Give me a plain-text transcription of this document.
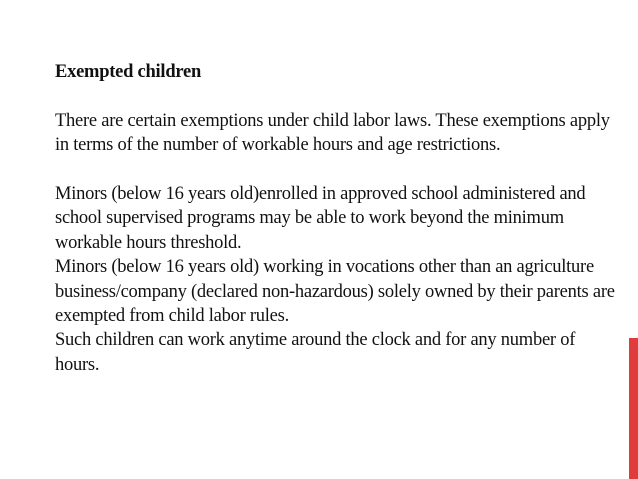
Exempted children

There are certain exemptions under child labor laws. These exemptions apply in terms of the number of workable hours and age restrictions.

Minors (below 16 years old)enrolled in approved school administered and school supervised programs may be able to work beyond the minimum workable hours threshold.

Minors (below 16 years old) working in vocations other than an agriculture business/company (declared non-hazardous) solely owned by their parents are exempted from child labor rules.

Such children can work anytime around the clock and for any number of hours.
